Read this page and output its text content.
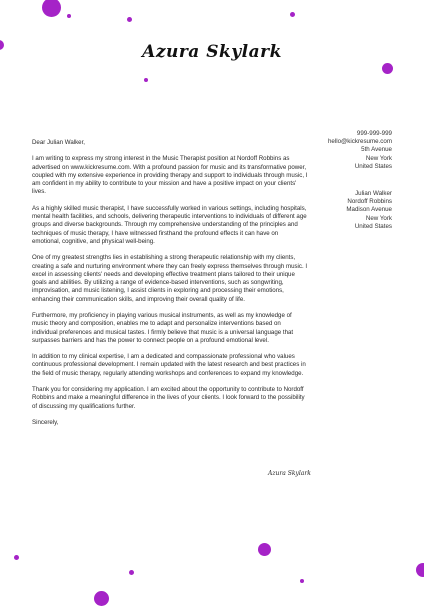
Azura Skylark
999-999-999
hello@kickresume.com
5th Avenue
New York
United States
Julian Walker
Nordoff Robbins
Madison Avenue
New York
United States

Dear Julian Walker,

I am writing to express my strong interest in the Music Therapist position at Nordoff Robbins as advertised on www.kickresume.com. With a profound passion for music and its transformative power, coupled with my extensive experience in providing therapy and support to individuals through music, I am confident in my ability to contribute to your mission and have a positive impact on your clients' lives.

As a highly skilled music therapist, I have successfully worked in various settings, including hospitals, mental health facilities, and schools, delivering therapeutic interventions to individuals of different age groups and diverse backgrounds. Through my comprehensive understanding of the principles and techniques of music therapy, I have witnessed firsthand the profound effects it can have on emotional, cognitive, and physical well-being.

One of my greatest strengths lies in establishing a strong therapeutic relationship with my clients, creating a safe and nurturing environment where they can freely express themselves through music. I excel in assessing clients' needs and developing effective treatment plans tailored to their unique goals and abilities. By utilizing a range of evidence-based interventions, such as songwriting, improvisation, and music listening, I assist clients in exploring and processing their emotions, enhancing their communication skills, and improving their overall quality of life.

Furthermore, my proficiency in playing various musical instruments, as well as my knowledge of music theory and composition, enables me to adapt and personalize interventions based on individual preferences and musical tastes. I firmly believe that music is a universal language that surpasses barriers and has the power to connect people on a profound emotional level.

In addition to my clinical expertise, I am a dedicated and compassionate professional who values continuous professional development. I remain updated with the latest research and best practices in the field of music therapy, regularly attending workshops and conferences to expand my knowledge.

Thank you for considering my application. I am excited about the opportunity to contribute to Nordoff Robbins and make a meaningful difference in the lives of your clients. I look forward to the possibility of discussing my qualifications further.

Sincerely,

Azura Skylark
